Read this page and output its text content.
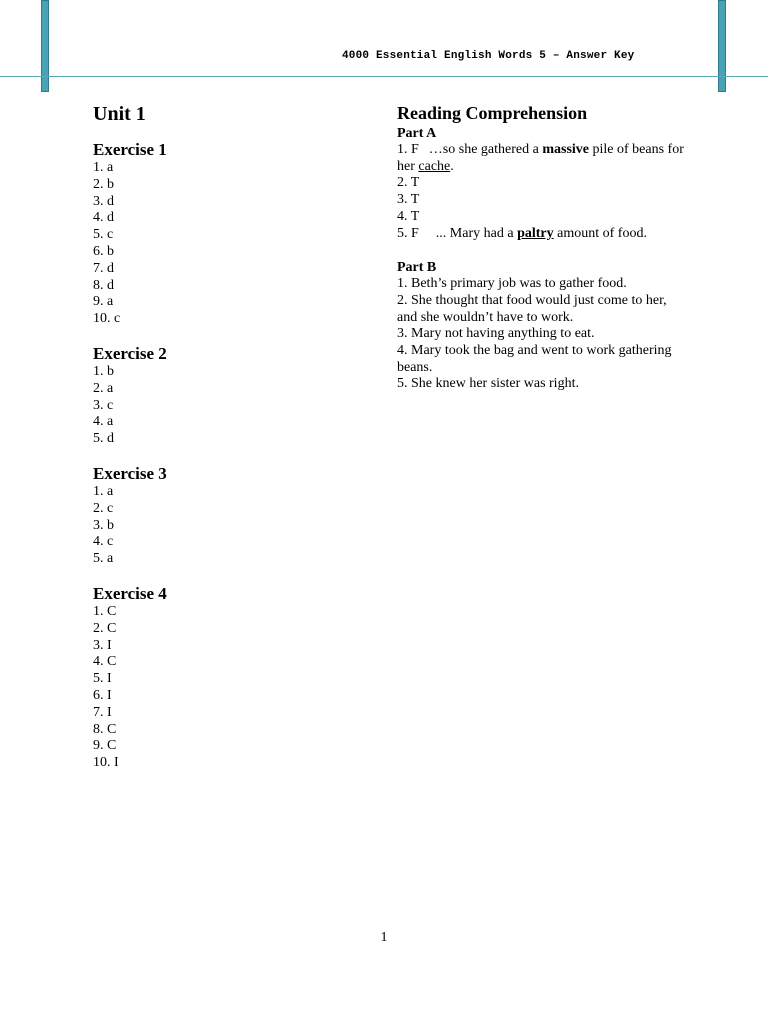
4000 Essential English Words 5 – Answer Key
Unit 1
Exercise 1
1. a
2. b
3. d
4. d
5. c
6. b
7. d
8. d
9. a
10. c
Exercise 2
1. b
2. a
3. c
4. a
5. d
Exercise 3
1. a
2. c
3. b
4. c
5. a
Exercise 4
1. C
2. C
3. I
4. C
5. I
6. I
7. I
8. C
9. C
10. I
Reading Comprehension
Part A
1. F …so she gathered a massive pile of beans for her cache.
2. T
3. T
4. T
5. F ... Mary had a paltry amount of food.
Part B
1. Beth’s primary job was to gather food.
2. She thought that food would just come to her, and she wouldn’t have to work.
3. Mary not having anything to eat.
4. Mary took the bag and went to work gathering beans.
5. She knew her sister was right.
1
